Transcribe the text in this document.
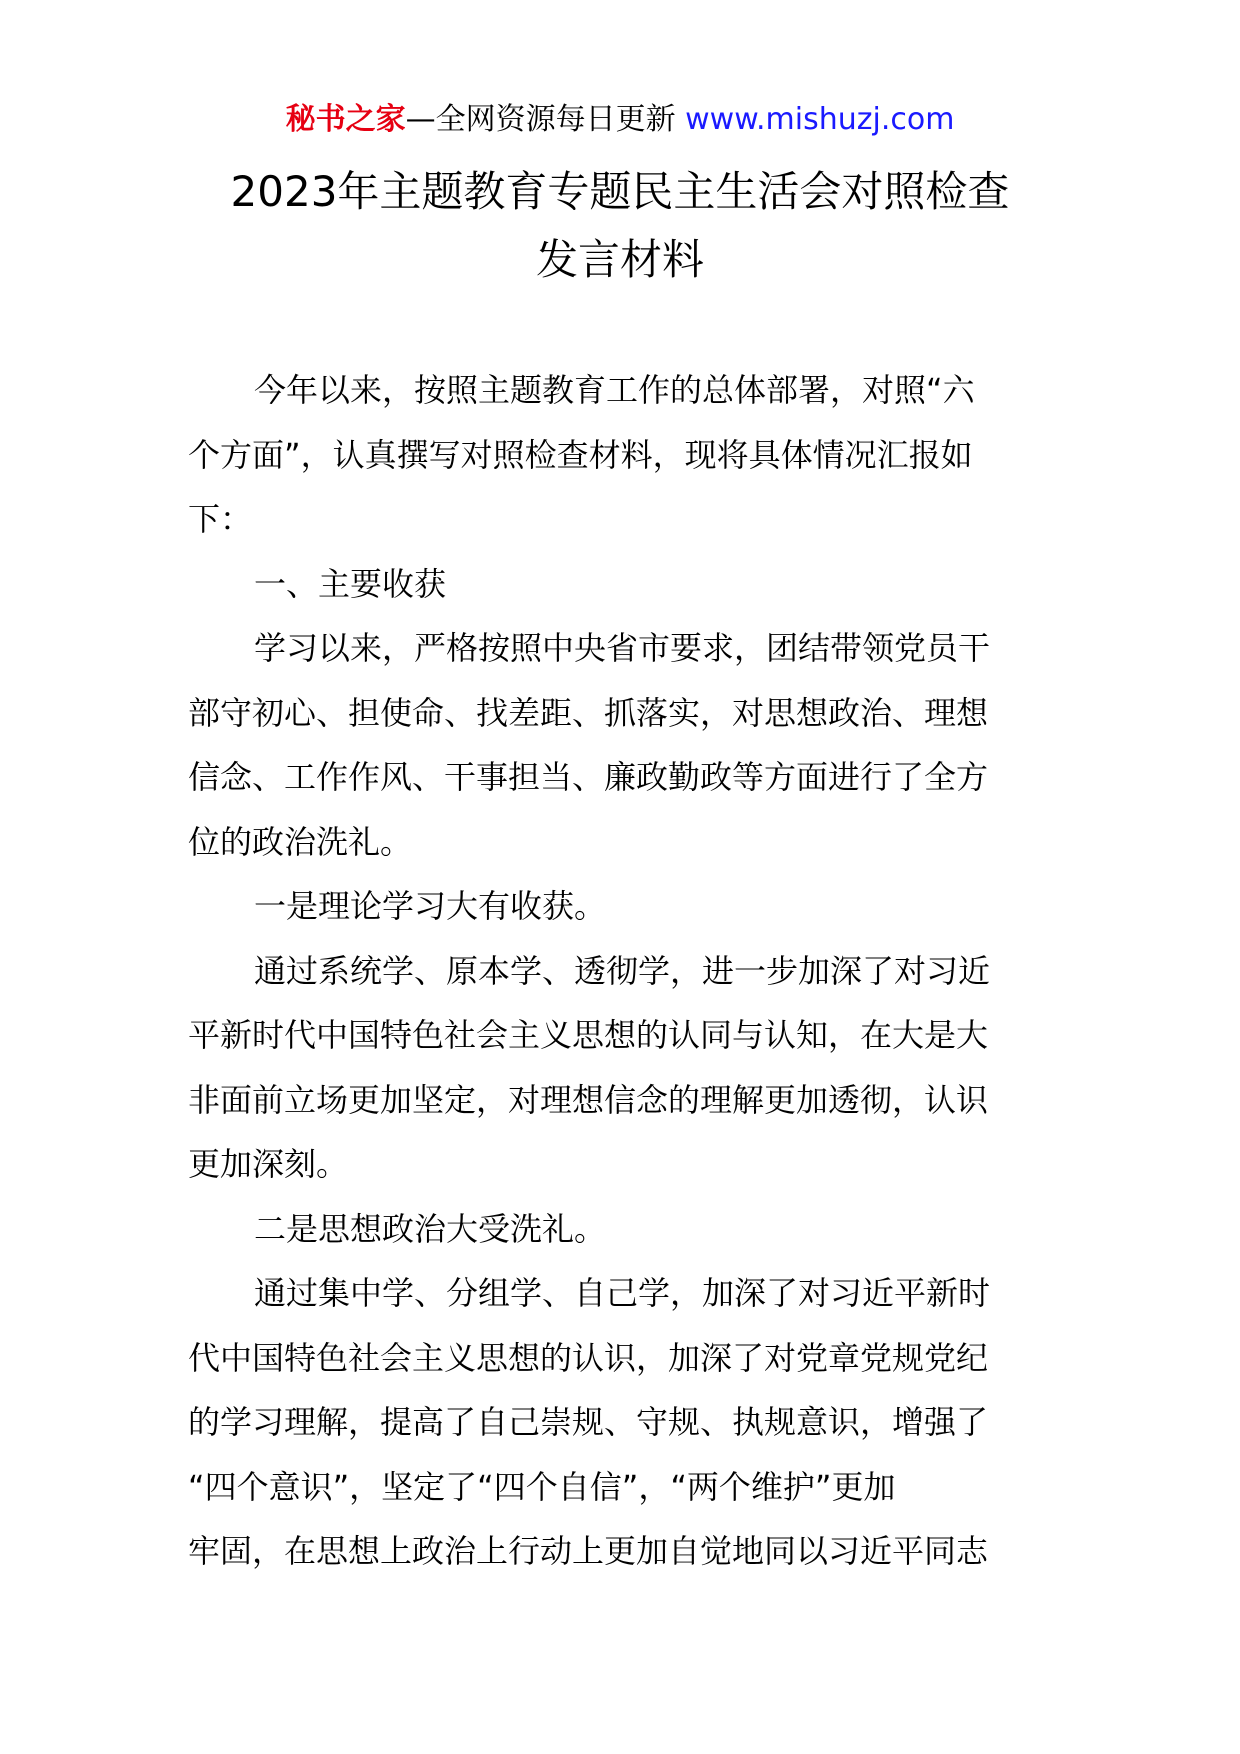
秘书之家—全网资源每日更新 www.mishuzj.com
2023年主题教育专题民主生活会对照检查
发言材料
今年以来，按照主题教育工作的总体部署，对照“六
个方面”，认真撰写对照检查材料，现将具体情况汇报如
下：
一、主要收获
学习以来，严格按照中央省市要求，团结带领党员干
部守初心、担使命、找差距、抓落实，对思想政治、理想
信念、工作作风、干事担当、廉政勤政等方面进行了全方
位的政治洗礼。
一是理论学习大有收获。
通过系统学、原本学、透彻学，进一步加深了对习近
平新时代中国特色社会主义思想的认同与认知，在大是大
非面前立场更加坚定，对理想信念的理解更加透彻，认识
更加深刻。
二是思想政治大受洗礼。
通过集中学、分组学、自己学，加深了对习近平新时
代中国特色社会主义思想的认识，加深了对党章党规党纪
的学习理解，提高了自己崇规、守规、执规意识，增强了
“四个意识”，坚定了“四个自信”，“两个维护”更加
牢固，在思想上政治上行动上更加自觉地同以习近平同志
